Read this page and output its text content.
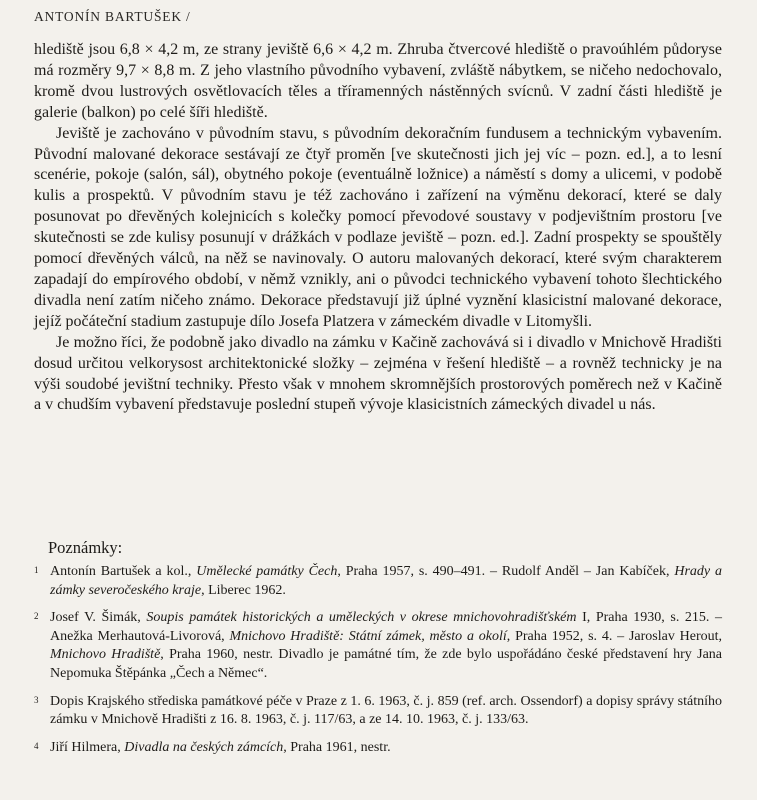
ANTONÍN BARTUŠEK /

hlediště jsou 6,8 × 4,2 m, ze strany jeviště 6,6 × 4,2 m. Zhruba čtvercové hlediště o pravoúhlém půdoryse má rozměry 9,7 × 8,8 m. Z jeho vlastního původního vybavení, zvláště nábytkem, se ničeho nedochovalo, kromě dvou lustrových osvětlovacích těles a tříramenných nástěnných svícnů. V zadní části hlediště je galerie (balkon) po celé šíři hlediště.

Jeviště je zachováno v původním stavu, s původním dekoračním fundusem a technickým vybavením. Původní malované dekorace sestávají ze čtyř proměn [ve skutečnosti jich jej víc – pozn. ed.], a to lesní scenérie, pokoje (salón, sál), obytného pokoje (eventuálně ložnice) a náměstí s domy a ulicemi, v podobě kulis a prospektů. V původním stavu je též zachováno i zařízení na výměnu dekorací, které se daly posunovat po dřevěných kolejnicích s kolečky pomocí převodové soustavy v podjevištním prostoru [ve skutečnosti se zde kulisy posunují v drážkách v podlaze jeviště – pozn. ed.]. Zadní prospekty se spouštěly pomocí dřevěných válců, na něž se navinovaly. O autoru malovaných dekorací, které svým charakterem zapadají do empírového období, v němž vznikly, ani o původci technického vybavení tohoto šlechtického divadla není zatím ničeho známo. Dekorace představují již úplné vyznění klasicistní malované dekorace, jejíž počáteční stadium zastupuje dílo Josefa Platzera v zámeckém divadle v Litomyšli.

Je možno říci, že podobně jako divadlo na zámku v Kačině zachovává si i divadlo v Mnichově Hradišti dosud určitou velkorysost architektonické složky – zejména v řešení hlediště – a rovněž technicky je na výši soudobé jevištní techniky. Přesto však v mnohem skromnějších prostorových poměrech než v Kačině a v chudším vybavení představuje poslední stupeň vývoje klasicistních zámeckých divadel u nás.

Poznámky:
1 Antonín Bartušek a kol., Umělecké památky Čech, Praha 1957, s. 490–491. – Rudolf Anděl – Jan Kabíček, Hrady a zámky severočeského kraje, Liberec 1962.
2 Josef V. Šimák, Soupis památek historických a uměleckých v okrese mnichovohradišťském I, Praha 1930, s. 215. – Anežka Merhautová-Livorová, Mnichovo Hradiště: Státní zámek, město a okolí, Praha 1952, s. 4. – Jaroslav Herout, Mnichovo Hradiště, Praha 1960, nestr. Divadlo je památné tím, že zde bylo uspořádáno české představení hry Jana Nepomuka Štěpánka „Čech a Němec“.
3 Dopis Krajského střediska památkové péče v Praze z 1. 6. 1963, č. j. 859 (ref. arch. Ossendorf) a dopisy správy státního zámku v Mnichově Hradišti z 16. 8. 1963, č. j. 117/63, a ze 14. 10. 1963, č. j. 133/63.
4 Jiří Hilmera, Divadla na českých zámcích, Praha 1961, nestr.
